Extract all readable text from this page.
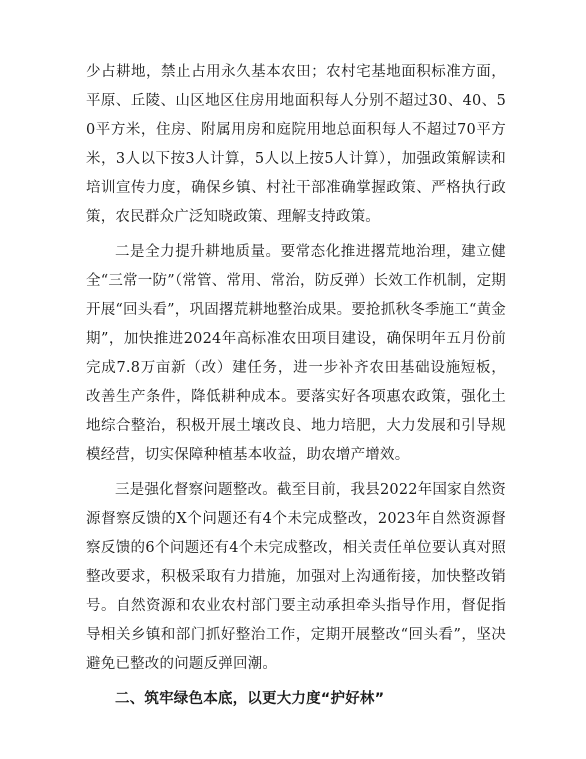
少占耕地，禁止占用永久基本农田；农村宅基地面积标准方面，平原、丘陵、山区地区住房用地面积每人分别不超过30、40、50平方米，住房、附属用房和庭院用地总面积每人不超过70平方米，3人以下按3人计算，5人以上按5人计算），加强政策解读和培训宣传力度，确保乡镇、村社干部准确掌握政策、严格执行政策，农民群众广泛知晓政策、理解支持政策。

二是全力提升耕地质量。要常态化推进撂荒地治理，建立健全“三常一防”（常管、常用、常治，防反弹）长效工作机制，定期开展“回头看”，巩固撂荒耕地整治成果。要抢抓秋冬季施工“黄金期”，加快推进2024年高标准农田项目建设，确保明年五月份前完成7.8万亩新（改）建任务，进一步补齐农田基础设施短板，改善生产条件，降低耕种成本。要落实好各项惠农政策，强化土地综合整治，积极开展土壤改良、地力培肥，大力发展和引导规模经营，切实保障种植基本收益，助农增产增效。

三是强化督察问题整改。截至目前，我县2022年国家自然资源督察反馈的X个问题还有4个未完成整改，2023年自然资源督察反馈的6个问题还有4个未完成整改，相关责任单位要认真对照整改要求，积极采取有力措施，加强对上沟通衔接，加快整改销号。自然资源和农业农村部门要主动承担牵头指导作用，督促指导相关乡镇和部门抓好整治工作，定期开展整改“回头看”，坚决避免已整改的问题反弹回潮。

二、筑牢绿色本底，以更大力度“护好林”
